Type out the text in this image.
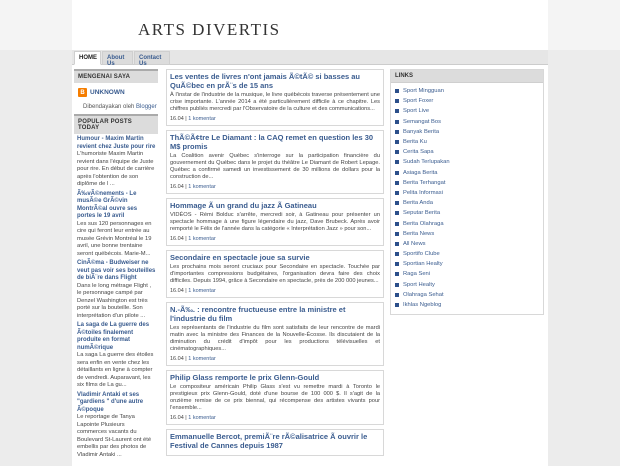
ARTS DIVERTIS
HOME	About Us
Contact Us
MENGENAI SAYA
B UNKNOWN
Dibendayakan oleh Blogger
POPULAR POSTS TODAY
Humour - Maxim Martin revient chez Juste pour rire
L'humoriste Maxim Martin revient dans l'équipe de Juste pour rire. En début de carrière après l'obtention de son diplôme de l ...
Ã‰vÃ©nements - Le musÃ©e GrÃ©vin MontrÃ©al ouvre ses portes le 19 avril
Les sus 120 personnages en cire qui feront leur entrée au musée Grévin Montréal le 19 avril, une bonne trentaine seront québécois. Marie-M...
CinÃ©ma - Budweiser ne veut pas voir ses bouteilles de biÃ¨re dans Flight
Dans le long métrage Flight , le personnage campé par Denzel Washington est très porté sur la bouteille. Son interprétation d'un pilote ...
La saga de La guerre des Ã©toiles finalement produite en format numÃ©rique
La saga La guerre des étoiles sera enfin en vente chez les détaillants en ligne à compter de vendredi. Auparavant, les six films de La gu...
Vladimir Antaki et ses "gardiens " d'une autre Ã©poque
Le reportage de Tanya Lapointe Plusieurs commerces vacants du Boulevard St-Laurent ont été embellis par des photos de Vladimir Antaki ...
Les ventes de livres n'ont jamais Ã©tÃ© si basses au QuÃ©bec en prÃ¨s de 15 ans
À l'instar de l'industrie de la musique, le livre québécois traverse présentement une crise importante. L'année 2014 a été particulièrement difficile à ce chapitre. Les chiffres publiés mercredi par l'Observatoire de la culture et des communications...
16.04 | 1 komentar
ThÃ©Ã¢tre Le Diamant : la CAQ remet en question les 30 M$ promis
La Coalition avenir Québec s'interroge sur la participation financière du gouvernement du Québec dans le projet du théâtre Le Diamant de Robert Lepage. Québec a confirmé samedi un investissement de 30 millions de dollars pour la construction de...
16.04 | 1 komentar
Hommage Ã un grand du jazz Ã Gatineau
VIDÉOS - Rémi Bolduc s'arrête, mercredi soir, à Gatineau pour présenter un spectacle hommage à une figure légendaire du jazz, Dave Brubeck. Après avoir remporté le Félix de l'année dans la catégorie « Interprétation Jazz » pour son...
16.04 | 1 komentar
Secondaire en spectacle joue sa survie
Les prochains mois seront cruciaux pour Secondaire en spectacle. Touchée par d'importantes compressions budgétaires, l'organisation devra faire des choix difficiles. Depuis 1994, grâce à Secondaire en spectacle, près de 200 000 jeunes...
16.04 | 1 komentar
N.-Ã‰. : rencontre fructueuse entre la ministre et l'industrie du film
Les représentants de l'industrie du film sont satisfaits de leur rencontre de mardi matin avec la ministre des Finances de la Nouvelle-Écosse. Ils discutaient de la diminution du crédit d'impôt pour les productions télévisuelles et cinématographiques...
16.04 | 1 komentar
Philip Glass remporte le prix Glenn-Gould
Le compositeur américain Philip Glass s'est vu remettre mardi à Toronto le prestigieux prix Glenn-Gould, doté d'une bourse de 100 000 $. Il s'agit de la onzième remise de ce prix biennal, qui récompense des artistes vivants pour l'ensemble...
16.04 | 1 komentar
Emmanuelle Bercot, premiÃ¨re rÃ©alisatrice Ã ouvrir le Festival de Cannes depuis 1987
LINKS
Sport Mingguan
Sport Foxer
Sport Live
Semangat Bos
Banyak Berita
Berita Ku
Cerita Sapa
Sudah Terlupakan
Asiaga Berita
Berita Terhangat
Pelita Informasi
Berita Anda
Seputar Berita
Berita Olahraga
Berita News
All News
Sportifo Clube
Sportian Healty
Raga Seni
Sport Healty
Olahraga Sehat
Ikhlas Ngeblog
